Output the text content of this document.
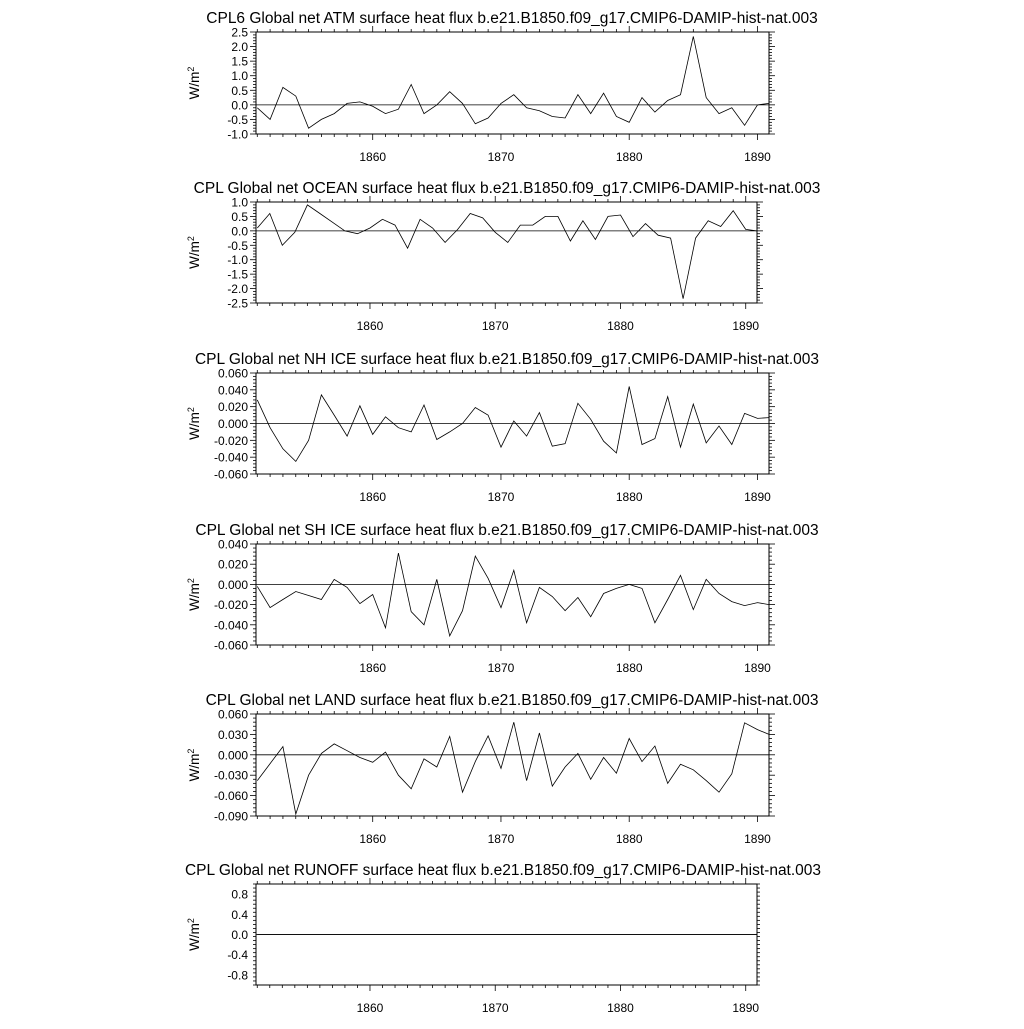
CPL6 Global net ATM surface heat flux b.e21.B1850.f09_g17.CMIP6-DAMIP-hist-nat.003
2.5
2.0
1.5
1.0
0.5
0.0
-0.5
-1.0
1860	1870	1880	1890
$W/m^2$
CPL Global net OCEAN surface heat flux b.e21.B1850.f09_g17.CMIP6-DAMIP-hist-nat.003
1.0
0.5
0.0
-0.5
-1.0
-1.5
-2.0
-2.5
1860	1870	1880	1890
$W/m^2$
CPL Global net NH ICE surface heat flux b.e21.B1850.f09_g17.CMIP6-DAMIP-hist-nat.003
0.060
0.040
0.020
0.000
-0.020
-0.040
-0.060
1860	1870	1880	1890
$W/m^2$
CPL Global net SH ICE surface heat flux b.e21.B1850.f09_g17.CMIP6-DAMIP-hist-nat.003
0.040
0.020
0.000
-0.020
-0.040
-0.060
1860	1870	1880	1890
$W/m^2$
CPL Global net LAND surface heat flux b.e21.B1850.f09_g17.CMIP6-DAMIP-hist-nat.003
0.060
0.030
0.000
-0.030
-0.060
-0.090
1860	1870	1880	1890
$W/m^2$
CPL Global net RUNOFF surface heat flux b.e21.B1850.f09_g17.CMIP6-DAMIP-hist-nat.003
0.8
0.4
0.0
-0.4
-0.8
1860	1870	1880	1890
$W/m^2$
